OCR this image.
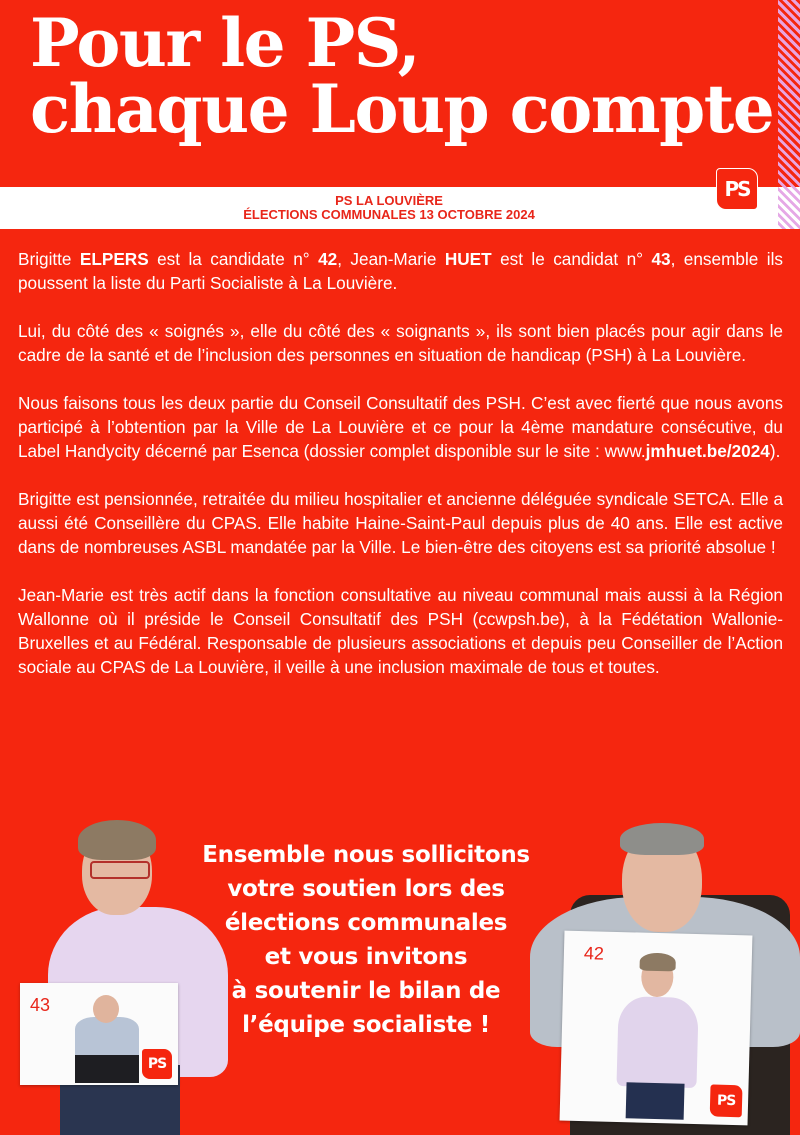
Pour le PS,
chaque Loup compte
PS LA LOUVIÈRE
ÉLECTIONS COMMUNALES 13 OCTOBRE 2024
PS

Brigitte ELPERS est la candidate n° 42, Jean-Marie HUET est le candidat n° 43, ensemble ils poussent la liste du Parti Socialiste à La Louvière.

Lui, du côté des « soignés », elle du côté des « soignants », ils sont bien placés pour agir dans le cadre de la santé et de l’inclusion des personnes en situation de handicap (PSH) à La Louvière.

Nous faisons tous les deux partie du Conseil Consultatif des PSH. C’est avec fierté que nous avons participé à l’obtention par la Ville de La Louvière et ce pour la 4ème mandature consécutive, du Label Handycity décerné par Esenca (dossier complet disponible sur le site : www.jmhuet.be/2024).

Brigitte est pensionnée, retraitée du milieu hospitalier et ancienne déléguée syndicale SETCA. Elle a aussi été Conseillère du CPAS. Elle habite Haine-Saint-Paul depuis plus de 40 ans. Elle est active dans de nombreuses ASBL mandatée par la Ville. Le bien-être des citoyens est sa priorité absolue !

Jean-Marie est très actif dans la fonction consultative au niveau communal mais aussi à la Région Wallonne où il préside le Conseil Consultatif des PSH (ccwpsh.be), à la Fédétation Wallonie-Bruxelles et au Fédéral. Responsable de plusieurs associations et depuis peu Conseiller de l’Action sociale au CPAS de La Louvière, il veille à une inclusion maximale de tous et toutes.

43
PS
Ensemble nous sollicitons
votre soutien lors des
élections communales
et vous invitons
à soutenir le bilan de
l’équipe socialiste !
42
PS
